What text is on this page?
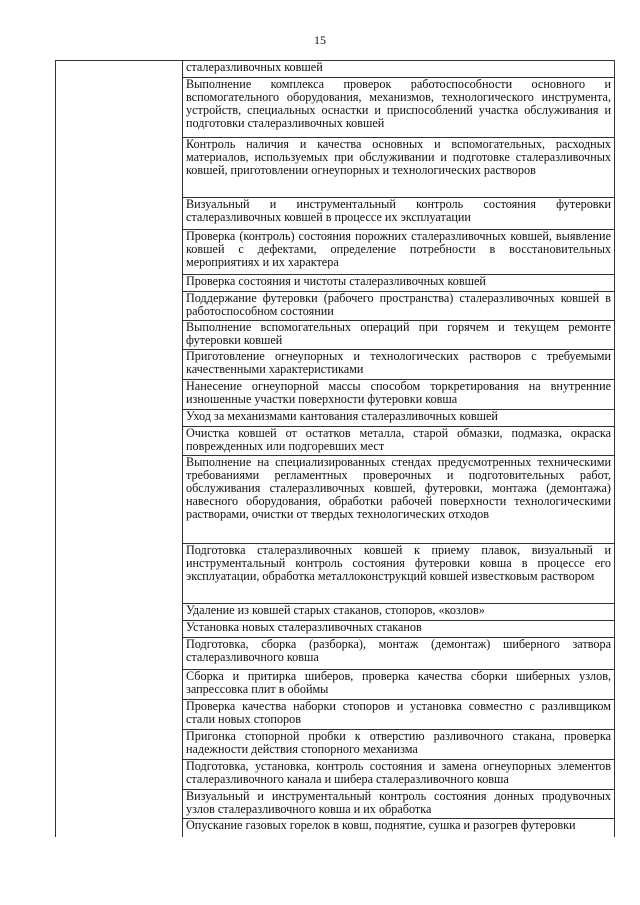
15
сталеразливочных ковшей
Выполнение комплекса проверок работоспособности основного и вспомогательного оборудования, механизмов, технологического инструмента, устройств, специальных оснастки и приспособлений участка обслуживания и подготовки сталеразливочных ковшей
Контроль наличия и качества основных и вспомогательных, расходных материалов, используемых при обслуживании и подготовке сталеразливочных ковшей, приготовлении огнеупорных и технологических растворов
Визуальный и инструментальный контроль состояния футеровки сталеразливочных ковшей в процессе их эксплуатации
Проверка (контроль) состояния порожних сталеразливочных ковшей, выявление ковшей с дефектами, определение потребности в восстановительных мероприятиях и их характера
Проверка состояния и чистоты сталеразливочных ковшей
Поддержание футеровки (рабочего пространства) сталеразливочных ковшей в работоспособном состоянии
Выполнение вспомогательных операций при горячем и текущем ремонте футеровки ковшей
Приготовление огнеупорных и технологических растворов с требуемыми качественными характеристиками
Нанесение огнеупорной массы способом торкретирования на внутренние изношенные участки поверхности футеровки ковша
Уход за механизмами кантования сталеразливочных ковшей
Очистка ковшей от остатков металла, старой обмазки, подмазка, окраска поврежденных или подгоревших мест
Выполнение на специализированных стендах предусмотренных техническими требованиями регламентных проверочных и подготовительных работ, обслуживания сталеразливочных ковшей, футеровки, монтажа (демонтажа) навесного оборудования, обработки рабочей поверхности технологическими растворами, очистки от твердых технологических отходов
Подготовка сталеразливочных ковшей к приему плавок, визуальный и инструментальный контроль состояния футеровки ковша в процессе его эксплуатации, обработка металлоконструкций ковшей известковым раствором
Удаление из ковшей старых стаканов, стопоров, «козлов»
Установка новых сталеразливочных стаканов
Подготовка, сборка (разборка), монтаж (демонтаж) шиберного затвора сталеразливочного ковша
Сборка и притирка шиберов, проверка качества сборки шиберных узлов, запрессовка плит в обоймы
Проверка качества наборки стопоров и установка совместно с разливщиком стали новых стопоров
Пригонка стопорной пробки к отверстию разливочного стакана, проверка надежности действия стопорного механизма
Подготовка, установка, контроль состояния и замена огнеупорных элементов сталеразливочного канала и шибера сталеразливочного ковша
Визуальный и инструментальный контроль состояния донных продувочных узлов сталеразливочного ковша и их обработка
Опускание газовых горелок в ковш, поднятие, сушка и разогрев футеровки
